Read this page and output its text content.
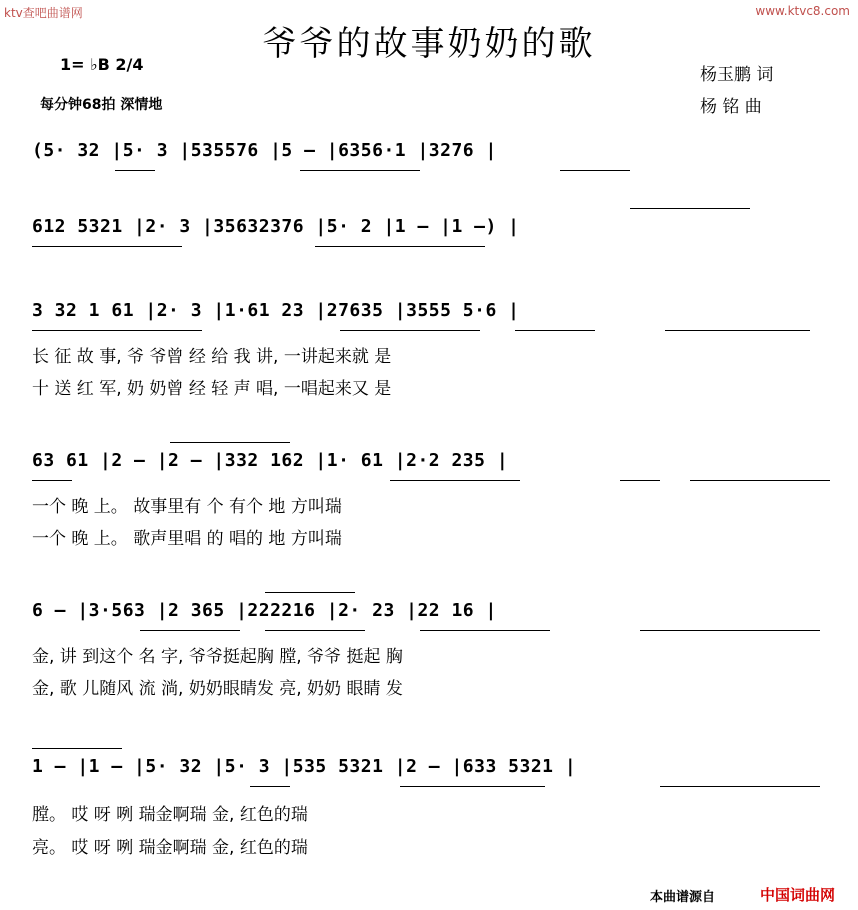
ktv查吧曲谱网	www.ktvc8.com
爷爷的故事奶奶的歌
1= ♭B 2/4
每分钟68拍 深情地
杨玉鹏 词
杨 铭 曲
(5· 32 |5· 3 |535576 |5 — |6356·1 |3276 |
612 5321 |2· 3 |35632376 |5· 2 |1 — |1 —) |
3 32 1 61 |2· 3 |1·61 23 |27635 |3555 5·6 |
长 征 故 事, 爷 爷曾 经 给 我 讲, 一讲起来就 是
十 送 红 军, 奶 奶曾 经 轻 声 唱, 一唱起来又 是
63 61 |2 — |2 — |332 162 |1· 61 |2·2 235 |
一个 晚 上。 故事里有 个 有个 地 方叫瑞
一个 晚 上。 歌声里唱 的 唱的 地 方叫瑞
6 — |3·563 |2 365 |222216 |2· 23 |22 16 |
金, 讲 到这个 名 字, 爷爷挺起胸 膛, 爷爷 挺起 胸
金, 歌 儿随风 流 淌, 奶奶眼睛发 亮, 奶奶 眼睛 发
1 — |1 — |5· 32 |5· 3 |535 5321 |2 — |633 5321 |
膛。 哎 呀 咧 瑞金啊瑞 金, 红色的瑞
亮。 哎 呀 咧 瑞金啊瑞 金, 红色的瑞
本曲谱源自	中国词曲网
